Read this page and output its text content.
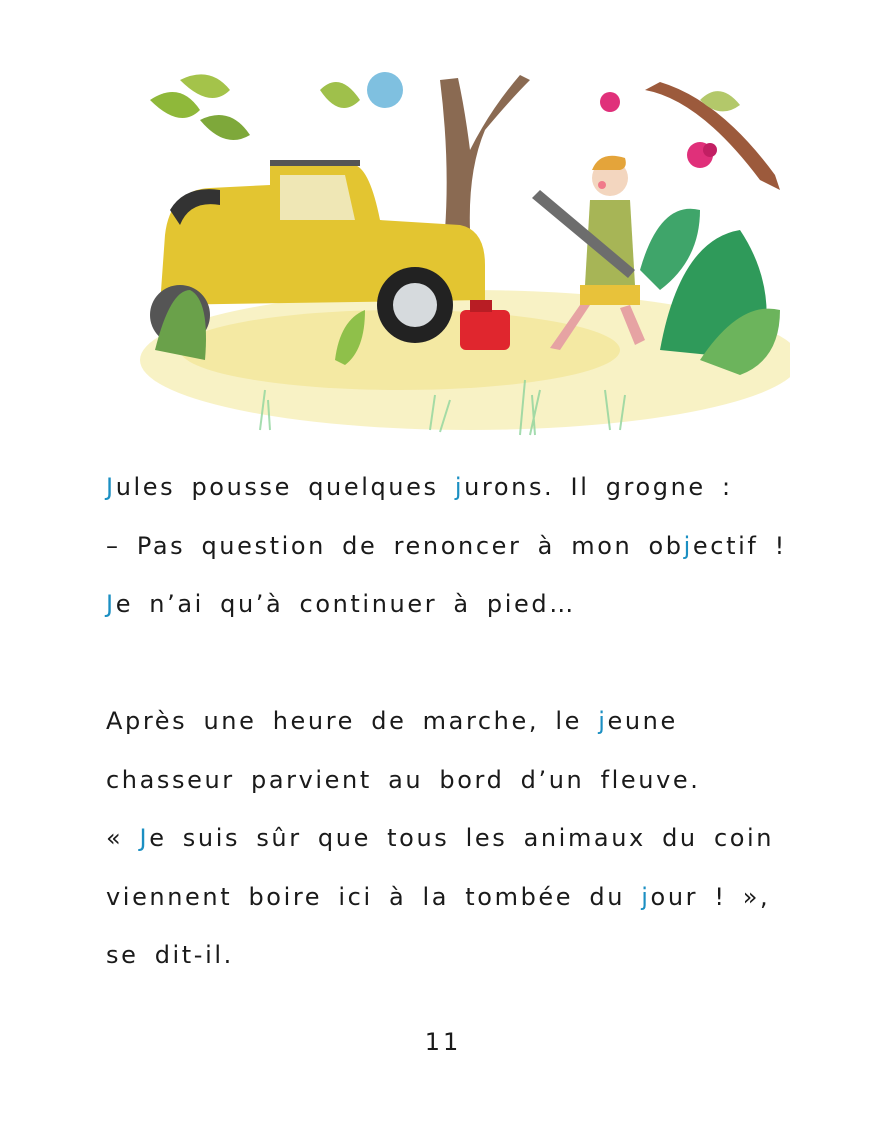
Jules pousse quelques jurons. Il grogne :
– Pas question de renoncer à mon objectif !
Je n’ai qu’à continuer à pied…
Après une heure de marche, le jeune
chasseur parvient au bord d’un fleuve.
« Je suis sûr que tous les animaux du coin
viennent boire ici à la tombée du jour ! »,
se dit-il.
11
